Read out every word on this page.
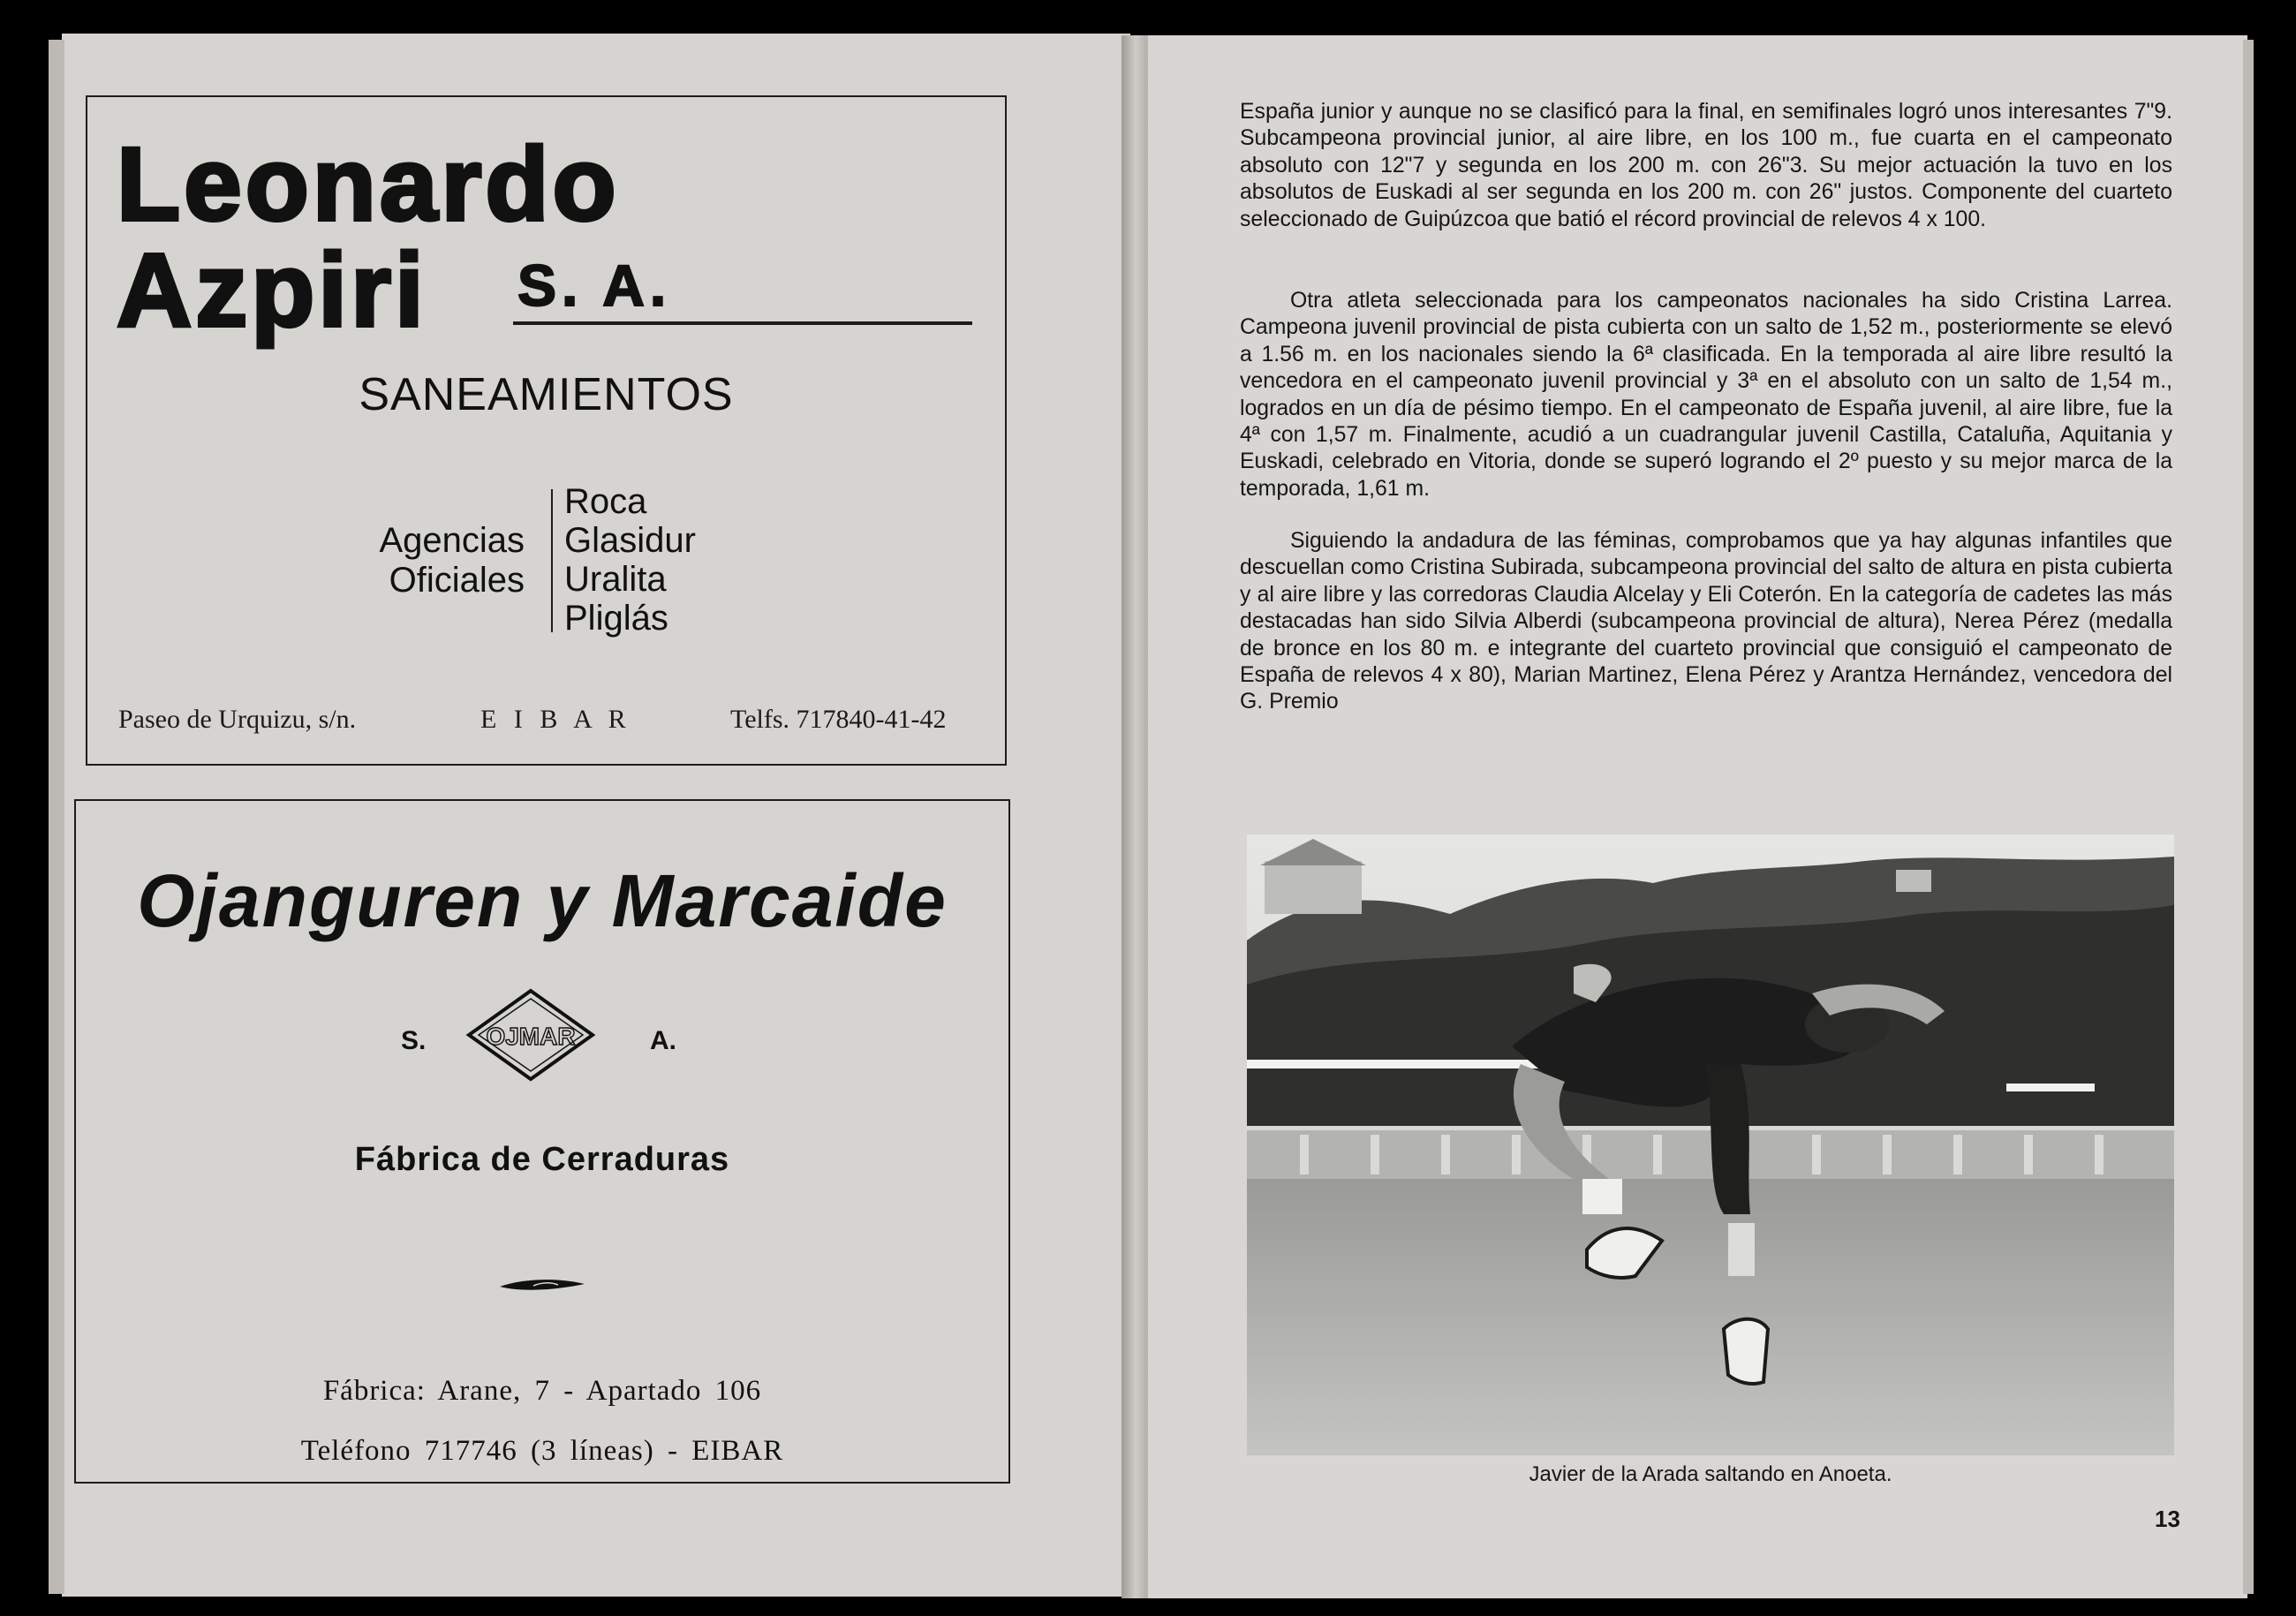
Leonardo
Azpiri S. A.
SANEAMIENTOS
Agencias
Oficiales
Roca
Glasidur
Uralita
Pliglás
Paseo de Urquizu, s/n.	E I B A R	Telfs. 717840-41-42
Ojanguren y Marcaide
S. OJMAR	A.
Fábrica de Cerraduras
Fábrica: Arane, 7 - Apartado 106
Teléfono 717746 (3 líneas) - EIBAR

España junior y aunque no se clasificó para la final, en semifinales logró unos interesantes 7"9. Subcampeona provincial junior, al aire libre, en los 100 m., fue cuarta en el campeonato absoluto con 12"7 y segunda en los 200 m. con 26"3. Su mejor actuación la tuvo en los absolutos de Euskadi al ser segunda en los 200 m. con 26" justos. Componente del cuarteto seleccionado de Guipúzcoa que batió el récord provincial de relevos 4 x 100.

Otra atleta seleccionada para los campeonatos nacionales ha sido Cristina Larrea. Campeona juvenil provincial de pista cubierta con un salto de 1,52 m., posteriormente se elevó a 1.56 m. en los nacionales siendo la 6ª clasificada. En la temporada al aire libre resultó la vencedora en el campeonato juvenil provincial y 3ª en el absoluto con un salto de 1,54 m., logrados en un día de pésimo tiempo. En el campeonato de España juvenil, al aire libre, fue la 4ª con 1,57 m. Finalmente, acudió a un cuadrangular juvenil Castilla, Cataluña, Aquitania y Euskadi, celebrado en Vitoria, donde se superó logrando el 2º puesto y su mejor marca de la temporada, 1,61 m.

Siguiendo la andadura de las féminas, comprobamos que ya hay algunas infantiles que descuellan como Cristina Subirada, subcampeona provincial del salto de altura en pista cubierta y al aire libre y las corredoras Claudia Alcelay y Eli Coterón. En la categoría de cadetes las más destacadas han sido Silvia Alberdi (subcampeona provincial de altura), Nerea Pérez (medalla de bronce en los 80 m. e integrante del cuarteto provincial que consiguió el campeonato de España de relevos 4 x 80), Marian Martinez, Elena Pérez y Arantza Hernández, vencedora del G. Premio

Javier de la Arada saltando en Anoeta.
13
